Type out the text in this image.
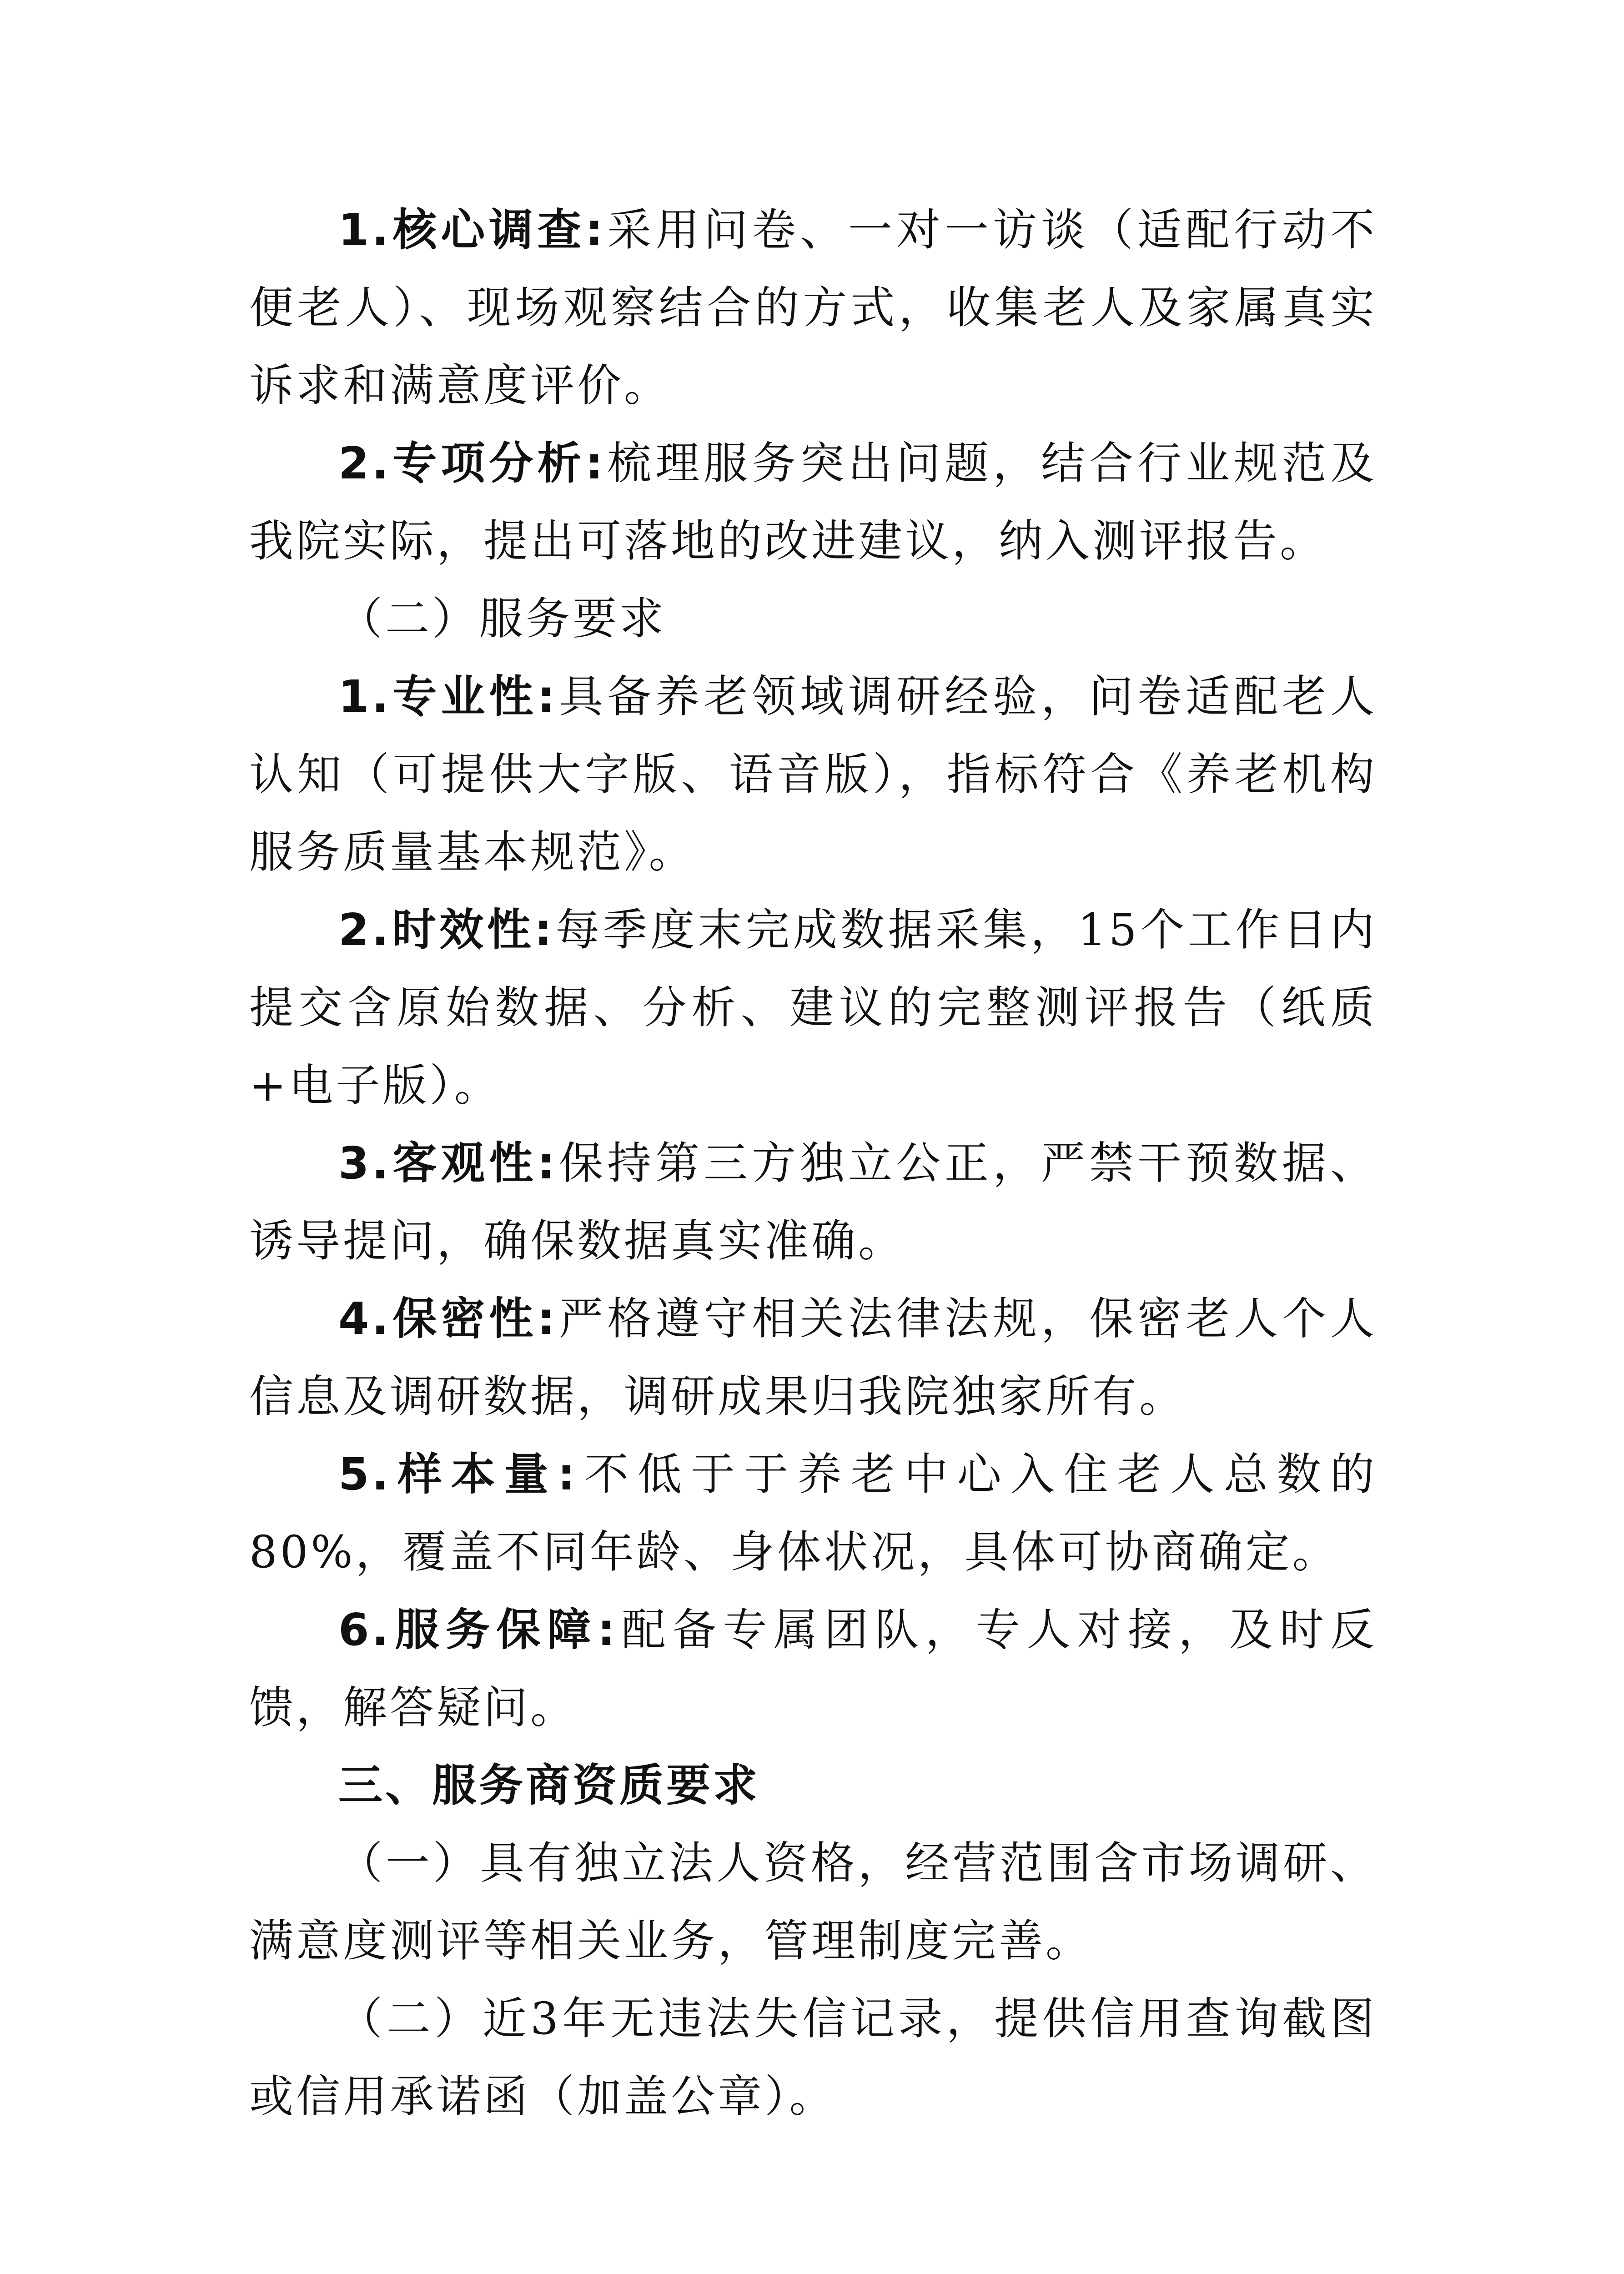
1.核心调查:采用问卷、一对一访谈（适配行动不便老人）、现场观察结合的方式，收集老人及家属真实诉求和满意度评价。

2.专项分析:梳理服务突出问题，结合行业规范及我院实际，提出可落地的改进建议，纳入测评报告。

（二）服务要求

1.专业性:具备养老领域调研经验，问卷适配老人认知（可提供大字版、语音版），指标符合《养老机构服务质量基本规范》。

2.时效性:每季度末完成数据采集，15个工作日内提交含原始数据、分析、建议的完整测评报告（纸质+电子版）。

3.客观性:保持第三方独立公正，严禁干预数据、诱导提问，确保数据真实准确。

4.保密性:严格遵守相关法律法规，保密老人个人信息及调研数据，调研成果归我院独家所有。

5.样本量:不低于于养老中心入住老人总数的80%，覆盖不同年龄、身体状况，具体可协商确定。

6.服务保障:配备专属团队，专人对接，及时反馈，解答疑问。

三、服务商资质要求

（一）具有独立法人资格，经营范围含市场调研、满意度测评等相关业务，管理制度完善。

（二）近3年无违法失信记录，提供信用查询截图或信用承诺函（加盖公章）。
